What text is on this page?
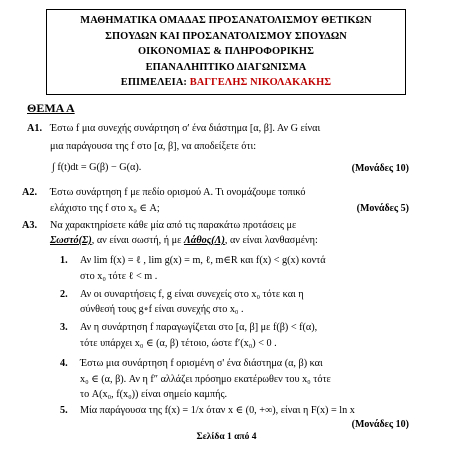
ΜΑΘΗΜΑΤΙΚΑ ΟΜΑΔΑΣ ΠΡΟΣΑΝΑΤΟΛΙΣΜΟΥ ΘΕΤΙΚΩΝ
ΣΠΟΥΔΩΝ ΚΑΙ ΠΡΟΣΑΝΑΤΟΛΙΣΜΟΥ ΣΠΟΥΔΩΝ
ΟΙΚΟΝΟΜΙΑΣ & ΠΛΗΡΟΦΟΡΙΚΗΣ
ΕΠΑΝΑΛΗΠΤΙΚΟ ΔΙΑΓΩΝΙΣΜΑ
ΕΠΙΜΕΛΕΙΑ: ΒΑΓΓΕΛΗΣ ΝΙΚΟΛΑΚΑΚΗΣ
ΘΕΜΑ Α
Α1. Έστω f μια συνεχής συνάρτηση σ' ένα διάστημα [α, β]. Αν G είναι
μια παράγουσα της f στο [α, β], να αποδείξετε ότι:
∫ f(t)dt = G(β) − G(α).	(Μονάδες 10)
Α2. Έστω συνάρτηση f με πεδίο ορισμού Α. Τι ονομάζουμε τοπικό
ελάχιστο της f στο x₀ ∈ Α;	(Μονάδες 5)
Α3. Να χαρακτηρίσετε κάθε μία από τις παρακάτω προτάσεις με
Σωστό(Σ), αν είναι σωστή, ή με Λάθος(Λ), αν είναι λανθασμένη:
1. Αν lim f(x) = ℓ , lim g(x) = m, ℓ, m∈R και f(x) < g(x) κοντά
στο x₀ τότε ℓ < m .
2. Αν οι συναρτήσεις f, g είναι συνεχείς στο x₀ τότε και η
σύνθεσή τους g∘f είναι συνεχής στο x₀ .
3. Αν η συνάρτηση f παραγωγίζεται στο [α, β] με f(β) < f(α),
τότε υπάρχει x₀ ∈ (α, β) τέτοιο, ώστε f′(x₀) < 0 .
4. Έστω μια συνάρτηση f ορισμένη σ' ένα διάστημα (α, β) και
x₀ ∈ (α, β). Αν η f″ αλλάζει πρόσημο εκατέρωθεν του x₀ τότε
το A(x₀, f(x₀)) είναι σημείο καμπής.
5. Μία παράγουσα της f(x) = 1/x όταν x ∈ (0, +∞), είναι η F(x) = ln x
(Μονάδες 10)
Σελίδα 1 από 4
